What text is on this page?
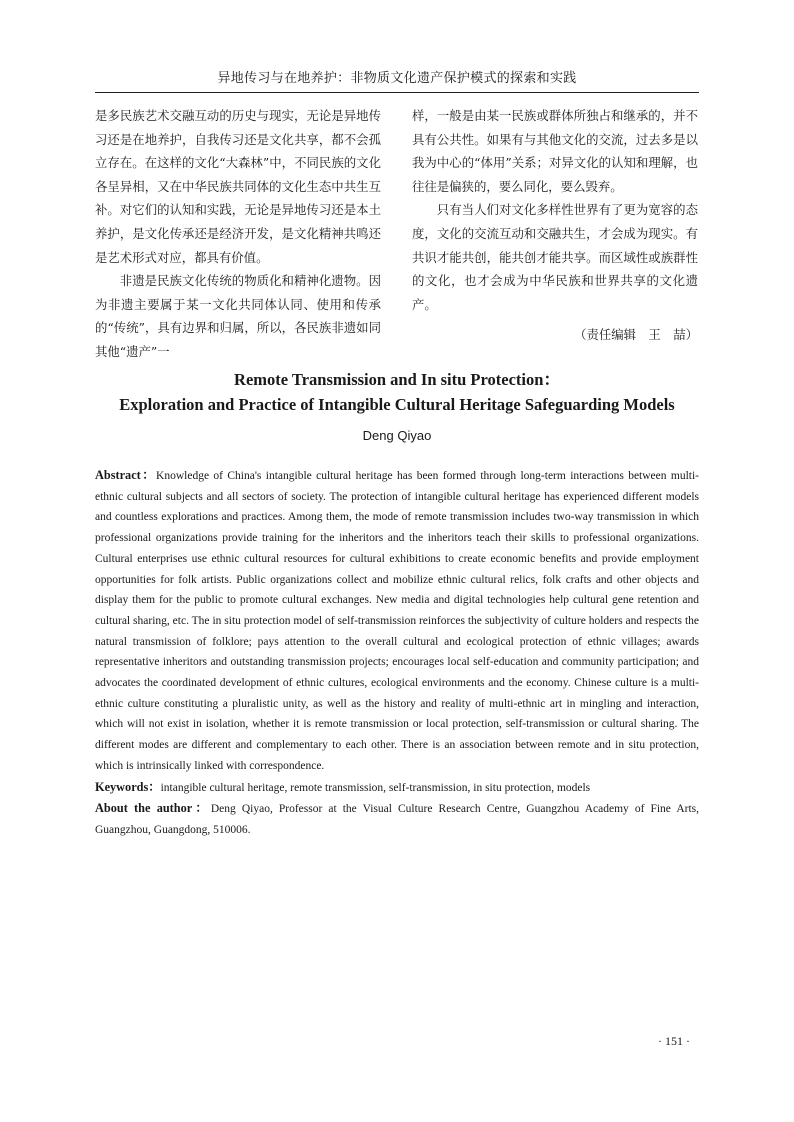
异地传习与在地养护：非物质文化遗产保护模式的探索和实践

是多民族艺术交融互动的历史与现实，无论是异地传习还是在地养护，自我传习还是文化共享，都不会孤立存在。在这样的文化“大森林”中，不同民族的文化各呈异相，又在中华民族共同体的文化生态中共生互补。对它们的认知和实践，无论是异地传习还是本土养护，是文化传承还是经济开发，是文化精神共鸣还是艺术形式对应，都具有价值。

非遗是民族文化传统的物质化和精神化遗物。因为非遗主要属于某一文化共同体认同、使用和传承的“传统”，具有边界和归属，所以，各民族非遗如同其他“遗产”一

样，一般是由某一民族或群体所独占和继承的，并不具有公共性。如果有与其他文化的交流，过去多是以我为中心的“体用”关系；对异文化的认知和理解，也往往是偏狭的，要么同化，要么毁弃。

只有当人们对文化多样性世界有了更为宽容的态度，文化的交流互动和交融共生，才会成为现实。有共识才能共创，能共创才能共享。而区域性或族群性的文化，也才会成为中华民族和世界共享的文化遗产。

（责任编辑　王　喆）
Remote Transmission and In situ Protection：
Exploration and Practice of Intangible Cultural Heritage Safeguarding Models
Deng Qiyao

Abstract：Knowledge of China's intangible cultural heritage has been formed through long-term interactions between multi-ethnic cultural subjects and all sectors of society. The protection of intangible cultural heritage has experienced different models and countless explorations and practices. Among them, the mode of remote transmission includes two-way transmission in which professional organizations provide training for the inheritors and the inheritors teach their skills to professional organizations. Cultural enterprises use ethnic cultural resources for cultural exhibitions to create economic benefits and provide employment opportunities for folk artists. Public organizations collect and mobilize ethnic cultural relics, folk crafts and other objects and display them for the public to promote cultural exchanges. New media and digital technologies help cultural gene retention and cultural sharing, etc. The in situ protection model of self-transmission reinforces the subjectivity of culture holders and respects the natural transmission of folklore; pays attention to the overall cultural and ecological protection of ethnic villages; awards representative inheritors and outstanding transmission projects; encourages local self-education and community participation; and advocates the coordinated development of ethnic cultures, ecological environments and the economy. Chinese culture is a multi-ethnic culture constituting a pluralistic unity, as well as the history and reality of multi-ethnic art in mingling and interaction, which will not exist in isolation, whether it is remote transmission or local protection, self-transmission or cultural sharing. The different modes are different and complementary to each other. There is an association between remote and in situ protection, which is intrinsically linked with correspondence.

Keywords：intangible cultural heritage, remote transmission, self-transmission, in situ protection, models

About the author：Deng Qiyao, Professor at the Visual Culture Research Centre, Guangzhou Academy of Fine Arts, Guangzhou, Guangdong, 510006.

· 151 ·
